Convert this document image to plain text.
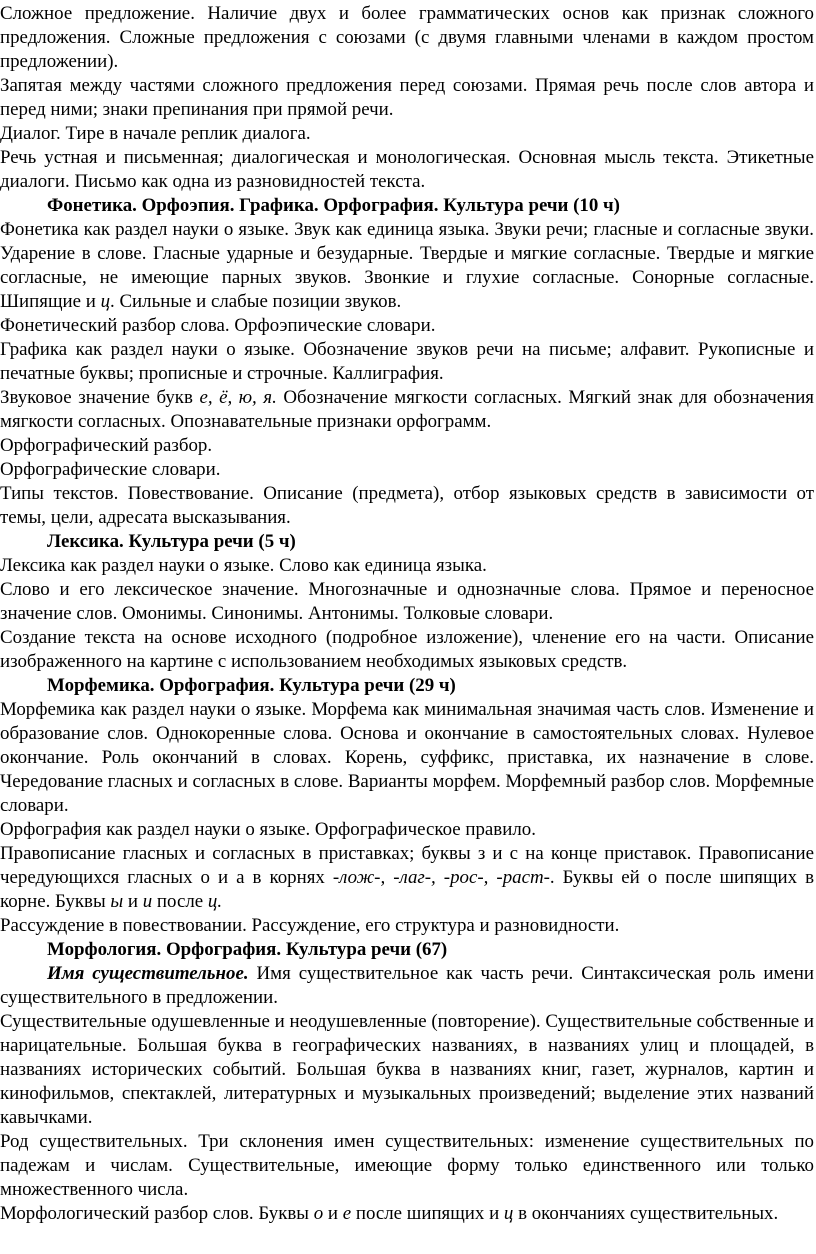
Сложное предложение. Наличие двух и более грамматических основ как признак сложного предложения. Сложные предложения с союзами (с двумя главными членами в каждом простом предложении).

Запятая между частями сложного предложения перед союзами. Прямая речь после слов автора и перед ними; знаки препинания при прямой речи.

Диалог. Тире в начале реплик диалога.

Речь устная и письменная; диалогическая и монологическая. Основная мысль текста. Этикетные диалоги. Письмо как одна из разновидностей текста.

Фонетика. Орфоэпия. Графика. Орфография. Культура речи (10 ч)

Фонетика как раздел науки о языке. Звук как единица языка. Звуки речи; гласные и согласные звуки. Ударение в слове. Гласные ударные и безударные. Твердые и мягкие согласные. Твердые и мягкие согласные, не имеющие парных звуков. Звонкие и глухие согласные. Сонорные согласные. Шипящие и ц. Сильные и слабые позиции звуков.

Фонетический разбор слова. Орфоэпические словари.

Графика как раздел науки о языке. Обозначение звуков речи на письме; алфавит. Рукописные и печатные буквы; прописные и строчные. Каллиграфия.

Звуковое значение букв е, ё, ю, я. Обозначение мягкости согласных. Мягкий знак для обозначения мягкости согласных. Опознавательные признаки орфограмм.

Орфографический разбор.

Орфографические словари.

Типы текстов. Повествование. Описание (предмета), отбор языковых средств в зависимости от темы, цели, адресата высказывания.

Лексика. Культура речи (5 ч)

Лексика как раздел науки о языке. Слово как единица языка.

Слово и его лексическое значение. Многозначные и однозначные слова. Прямое и переносное значение слов. Омонимы. Синонимы. Антонимы. Толковые словари.

Создание текста на основе исходного (подробное изложение), членение его на части. Описание изображенного на картине с использованием необходимых языковых средств.

Морфемика. Орфография. Культура речи (29 ч)

Морфемика как раздел науки о языке. Морфема как минимальная значимая часть слов. Изменение и образование слов. Однокоренные слова. Основа и окончание в самостоятельных словах. Нулевое окончание. Роль окончаний в словах. Корень, суффикс, приставка, их назначение в слове. Чередование гласных и согласных в слове. Варианты морфем. Морфемный разбор слов. Морфемные словари.

Орфография как раздел науки о языке. Орфографическое правило.

Правописание гласных и согласных в приставках; буквы з и с на конце приставок. Правописание чередующихся гласных о и а в корнях -лож-, -лаг-, -рос-, -раст-. Буквы ей о после шипящих в корне. Буквы ы и и после ц.

Рассуждение в повествовании. Рассуждение, его структура и разновидности.

Морфология. Орфография. Культура речи (67)

Имя существительное. Имя существительное как часть речи. Синтаксическая роль имени существительного в предложении.

Существительные одушевленные и неодушевленные (повторение). Существительные собственные и нарицательные. Большая буква в географических названиях, в названиях улиц и площадей, в названиях исторических событий. Большая буква в названиях книг, газет, журналов, картин и кинофильмов, спектаклей, литературных и музыкальных произведений; выделение этих названий кавычками.

Род существительных. Три склонения имен существительных: изменение существительных по падежам и числам. Существительные, имеющие форму только единственного или только множественного числа.

Морфологический разбор слов. Буквы о и е после шипящих и ц в окончаниях существительных.
